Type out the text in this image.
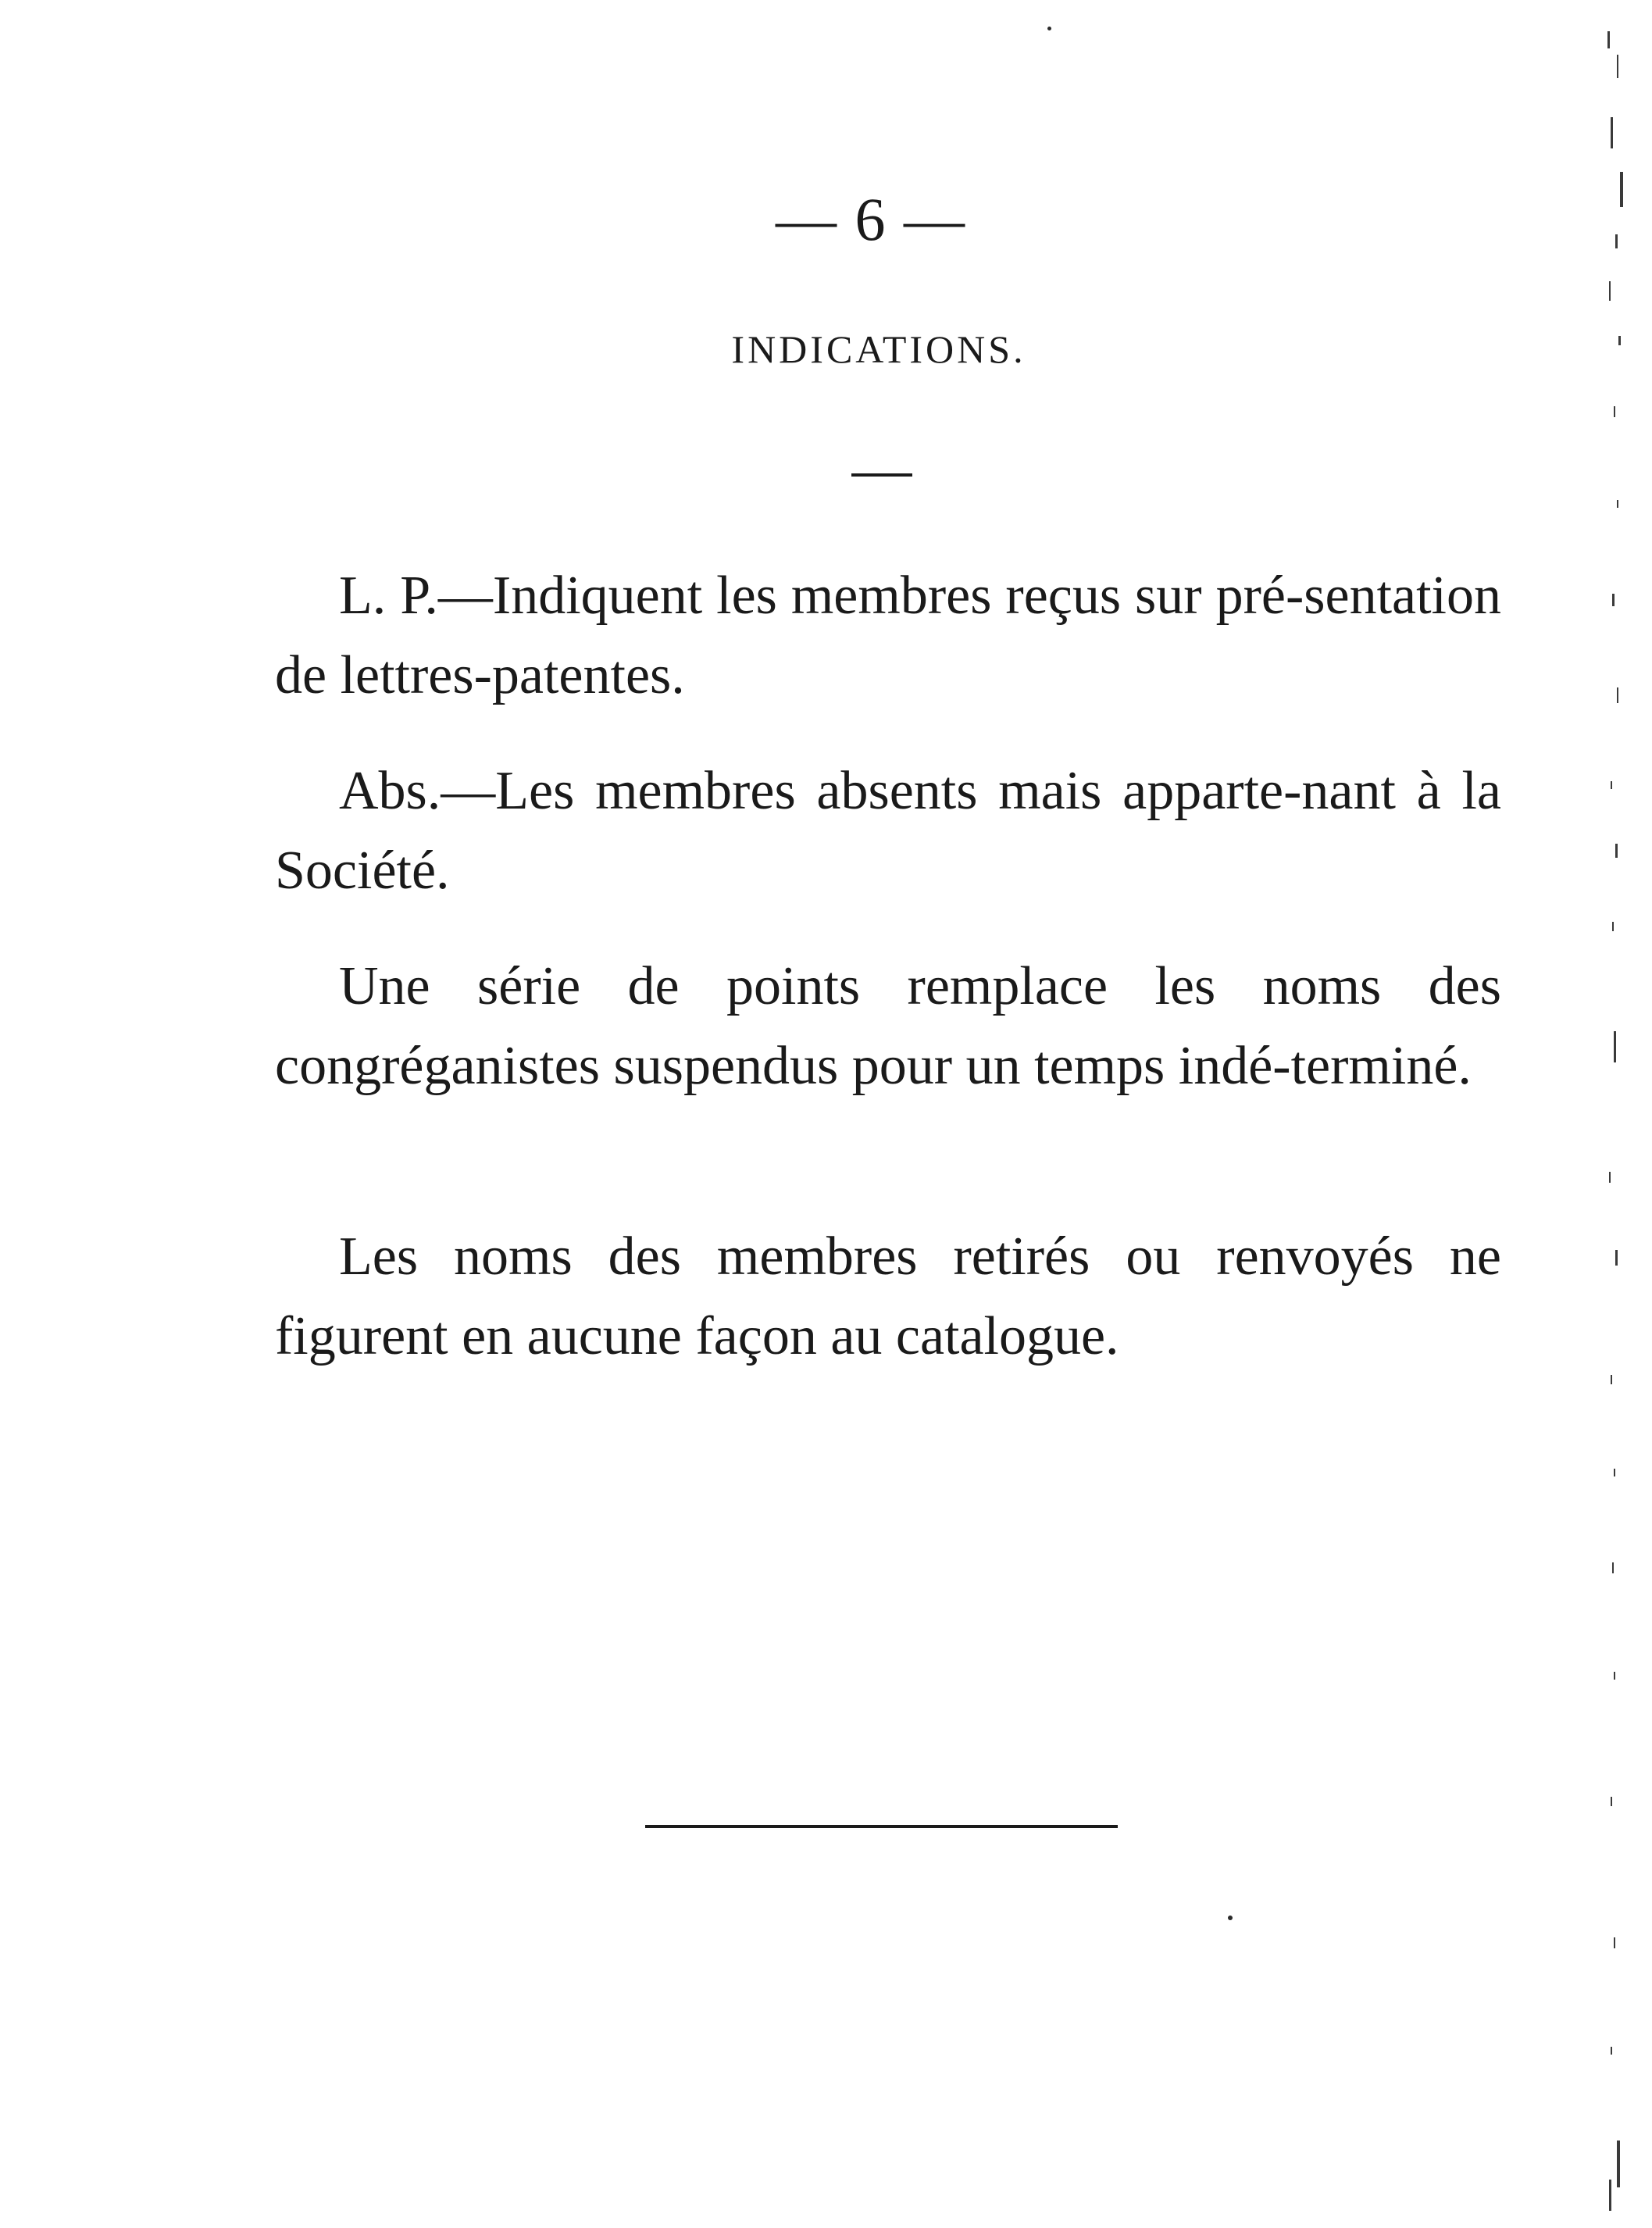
— 6 —
INDICATIONS.

L. P.—Indiquent les membres reçus sur pré-sentation de lettres-patentes.

Abs.—Les membres absents mais apparte-nant à la Société.

Une série de points remplace les noms des congréganistes suspendus pour un temps indé-terminé.

Les noms des membres retirés ou renvoyés ne figurent en aucune façon au catalogue.
